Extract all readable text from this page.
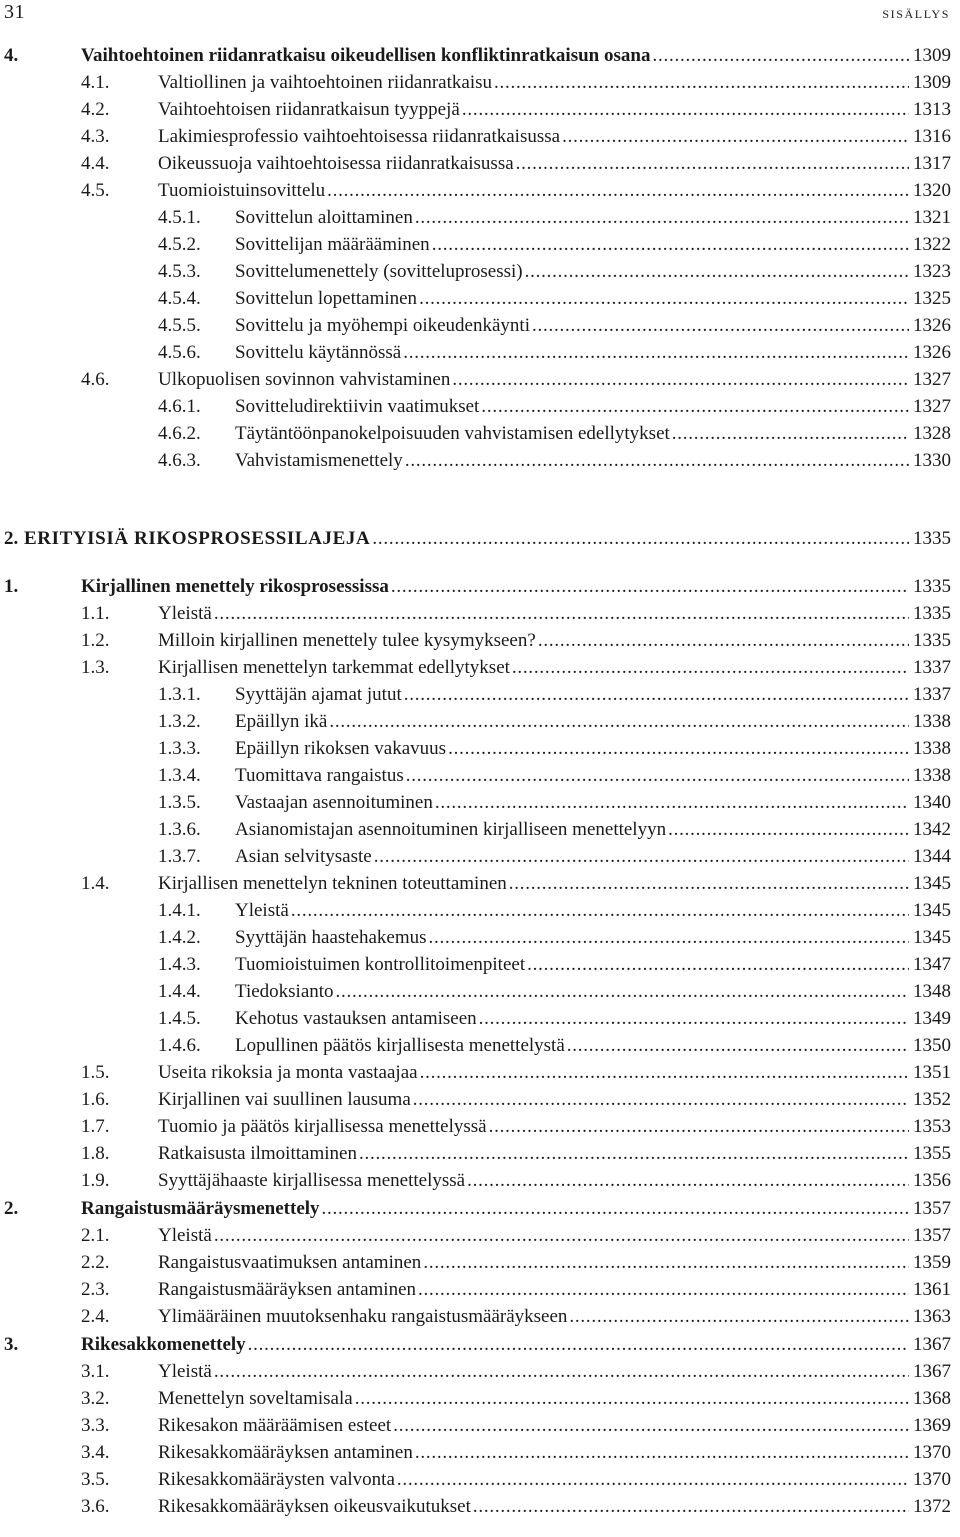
31	sisällys
4.	Vaihtoehtoinen riidanratkaisu oikeudellisen konfliktinratkaisun osana . . .	1309
4.1.	Valtiollinen ja vaihtoehtoinen riidanratkaisu . . .	1309
4.2.	Vaihtoehtoisen riidanratkaisun tyyppejä . . .	1313
4.3.	Lakimiesprofessio vaihtoehtoisessa riidanratkaisussa . . .	1316
4.4.	Oikeussuoja vaihtoehtoisessa riidanratkaisussa . . .	1317
4.5.	Tuomioistuinsovittelu . . .	1320
4.5.1. Sovittelun aloittaminen . . .	1321
4.5.2. Sovittelijan määrääminen . . .	1322
4.5.3. Sovittelumenettely (sovitteluprosessi) . . .	1323
4.5.4. Sovittelun lopettaminen . . .	1325
4.5.5. Sovittelu ja myöhempi oikeudenkäynti . . .	1326
4.5.6. Sovittelu käytännössä . . .	1326
4.6.	Ulkopuolisen sovinnon vahvistaminen . . .	1327
4.6.1. Sovitteludirektiivin vaatimukset . . .	1327
4.6.2. Täytäntöönpanokelpoisuuden vahvistamisen edellytykset . . .	1328
4.6.3. Vahvistamismenettely . . .	1330
2. ERITYISIÄ RIKOSPROSESSILAJEJA . . .	1335
1.	Kirjallinen menettely rikosprosessissa . . .	1335
1.1.	Yleistä . . .	1335
1.2.	Milloin kirjallinen menettely tulee kysymykseen? . . .	1335
1.3.	Kirjallisen menettelyn tarkemmat edellytykset . . .	1337
1.3.1. Syyttäjän ajamat jutut . . .	1337
1.3.2. Epäillyn ikä . . .	1338
1.3.3. Epäillyn rikoksen vakavuus . . .	1338
1.3.4. Tuomittava rangaistus . . .	1338
1.3.5. Vastaajan asennoituminen . . .	1340
1.3.6. Asianomistajan asennoituminen kirjalliseen menettelyyn . . .	1342
1.3.7. Asian selvitysaste . . .	1344
1.4.	Kirjallisen menettelyn tekninen toteuttaminen . . .	1345
1.4.1. Yleistä . . .	1345
1.4.2. Syyttäjän haastehakemus . . .	1345
1.4.3. Tuomioistuimen kontrollitoimenpiteet . . .	1347
1.4.4. Tiedoksianto . . .	1348
1.4.5. Kehotus vastauksen antamiseen . . .	1349
1.4.6. Lopullinen päätös kirjallisesta menettelystä . . .	1350
1.5.	Useita rikoksia ja monta vastaajaa . . .	1351
1.6.	Kirjallinen vai suullinen lausuma . . .	1352
1.7.	Tuomio ja päätös kirjallisessa menettelyssä . . .	1353
1.8.	Ratkaisusta ilmoittaminen . . .	1355
1.9.	Syyttäjähaaste kirjallisessa menettelyssä . . .	1356
2.	Rangaistusmääräysmenettely . . .	1357
2.1.	Yleistä . . .	1357
2.2.	Rangaistusvaatimuksen antaminen . . .	1359
2.3.	Rangaistusmääräyksen antaminen . . .	1361
2.4.	Ylimääräinen muutoksenhaku rangaistusmääräykseen . . .	1363
3.	Rikesakkomenettely . . .	1367
3.1.	Yleistä . . .	1367
3.2.	Menettelyn soveltamisala . . .	1368
3.3.	Rikesakon määräämisen esteet . . .	1369
3.4.	Rikesakkomääräyksen antaminen . . .	1370
3.5.	Rikesakkomääräysten valvonta . . .	1370
3.6.	Rikesakkomääräyksen oikeusvaikutukset . . .	1372
